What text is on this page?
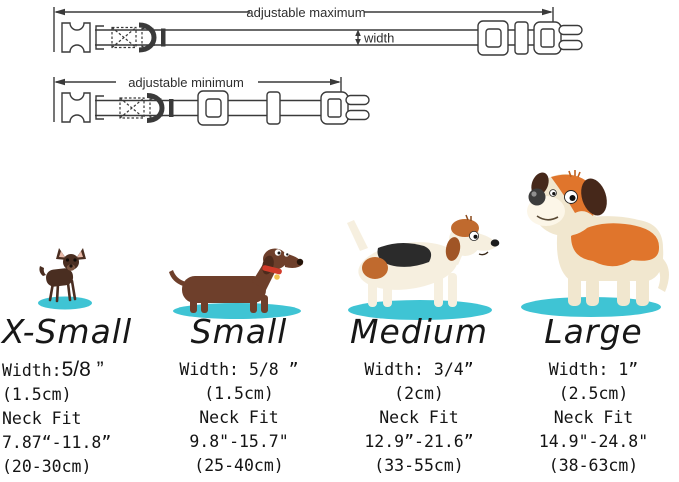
adjustable maximum
width
adjustable minimum
X-Small
Width:5/8 ”
(1.5cm)
Neck Fit
7.87“-11.8”
(20-30cm)
Small
Width: 5/8 ”
(1.5cm)
Neck Fit
9.8"-15.7"
(25-40cm)
Medium
Width: 3/4”
(2cm)
Neck Fit
12.9”-21.6”
(33-55cm)
Large
Width: 1”
(2.5cm)
Neck Fit
14.9"-24.8"
(38-63cm)
